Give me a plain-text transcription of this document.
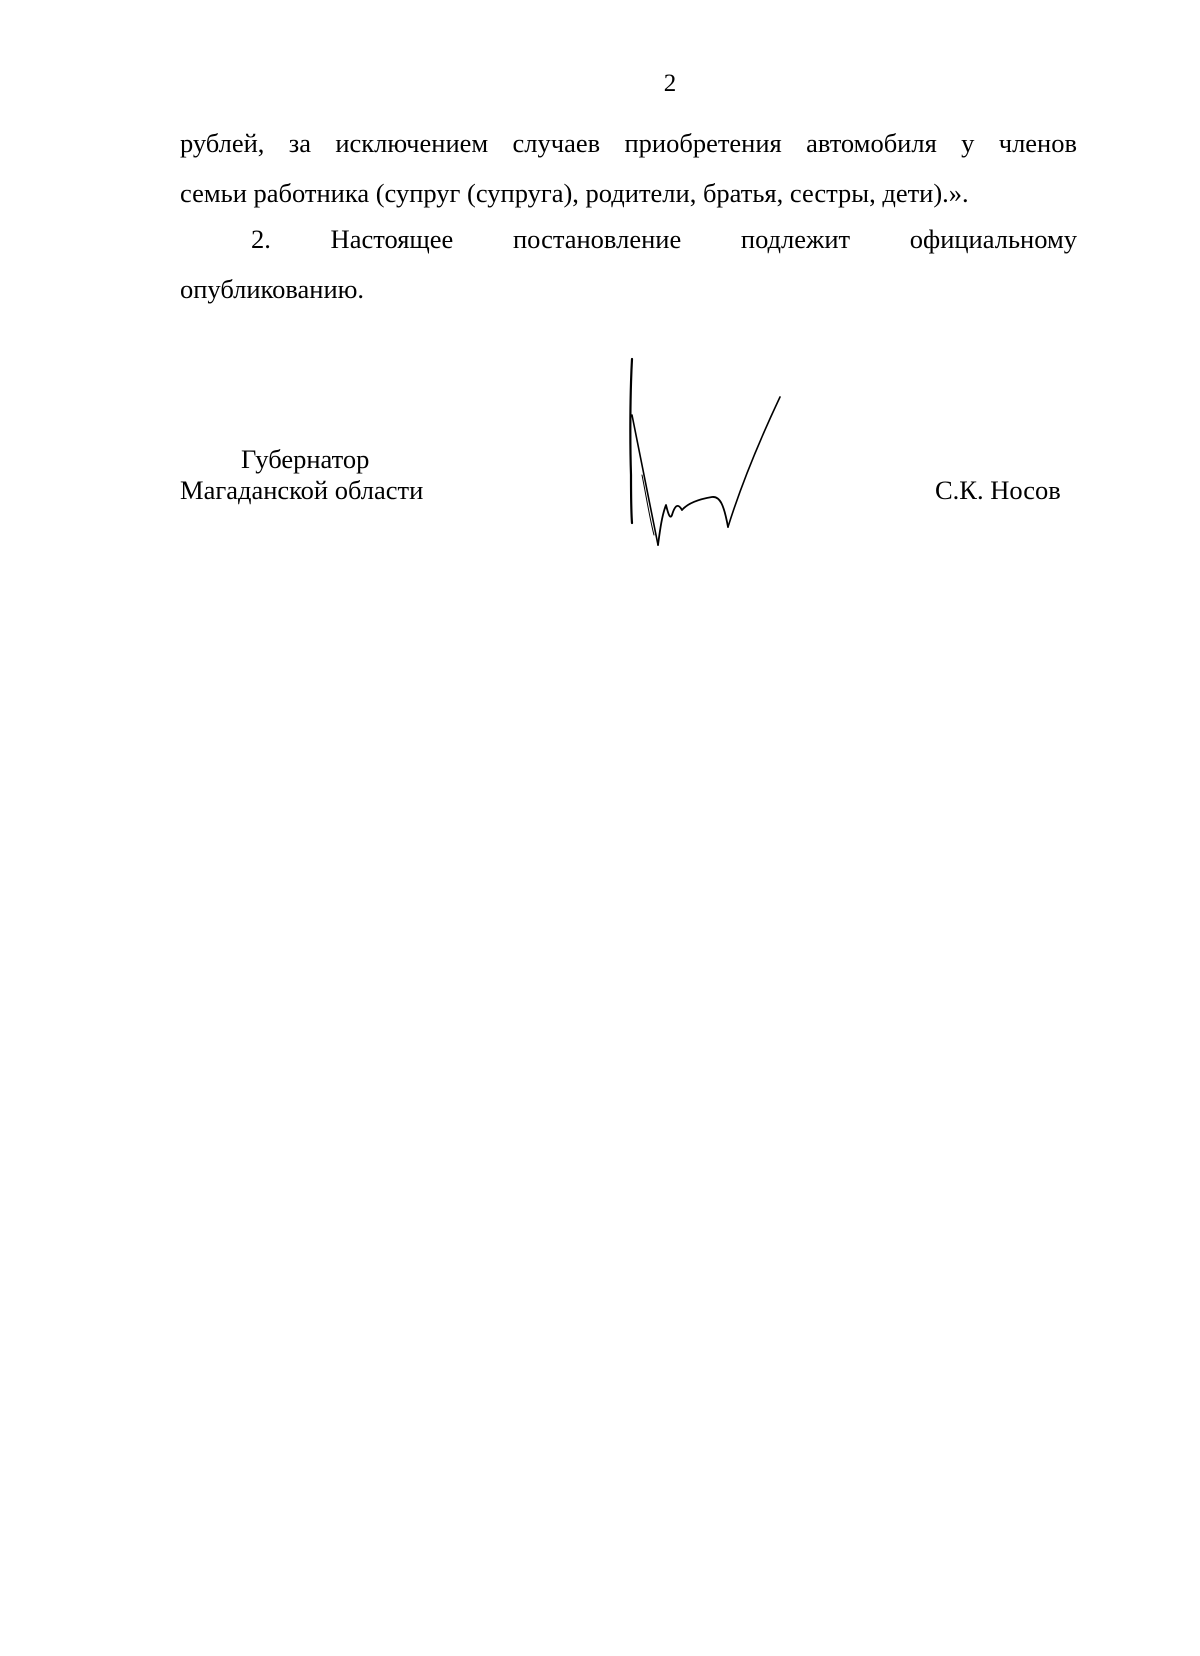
2

рублей, за исключением случаев приобретения автомобиля у членов
семьи работника (супруг (супруга), родители, братья, сестры, дети).».

2. Настоящее постановление подлежит официальному
опубликованию.

Губернатор
Магаданской области	С.К. Носов
